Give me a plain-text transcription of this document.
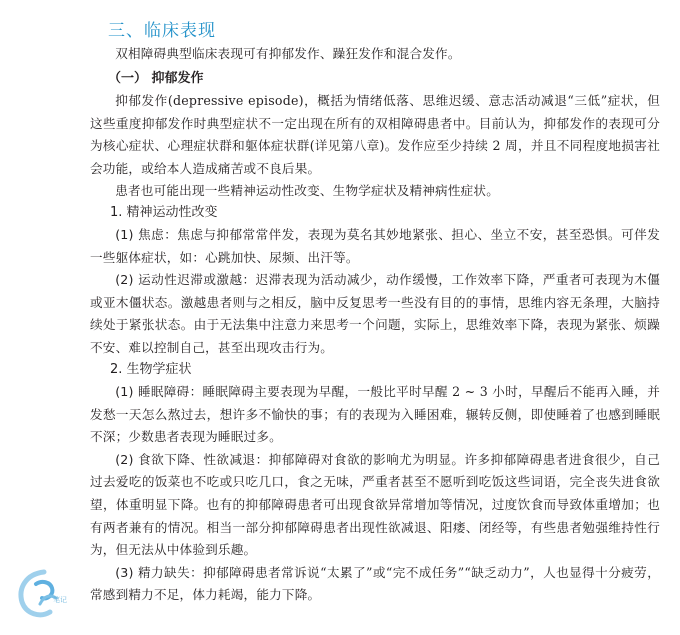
三、临床表现

双相障碍典型临床表现可有抑郁发作、躁狂发作和混合发作。

（一） 抑郁发作

抑郁发作(depressive episode)，概括为情绪低落、思维迟缓、意志活动减退“三低”症状，但这些重度抑郁发作时典型症状不一定出现在所有的双相障碍患者中。目前认为，抑郁发作的表现可分为核心症状、心理症状群和躯体症状群(详见第八章)。发作应至少持续 2 周，并且不同程度地损害社会功能，或给本人造成痛苦或不良后果。

患者也可能出现一些精神运动性改变、生物学症状及精神病性症状。

1. 精神运动性改变

(1) 焦虑：焦虑与抑郁常常伴发，表现为莫名其妙地紧张、担心、坐立不安，甚至恐惧。可伴发一些躯体症状，如：心跳加快、尿频、出汗等。

(2) 运动性迟滞或激越：迟滞表现为活动减少，动作缓慢，工作效率下降，严重者可表现为木僵或亚木僵状态。激越患者则与之相反，脑中反复思考一些没有目的的事情，思维内容无条理，大脑持续处于紧张状态。由于无法集中注意力来思考一个问题，实际上，思维效率下降，表现为紧张、烦躁不安、难以控制自己，甚至出现攻击行为。

2. 生物学症状

(1) 睡眠障碍：睡眠障碍主要表现为早醒，一般比平时早醒 2 ~ 3 小时，早醒后不能再入睡，并发愁一天怎么熬过去，想许多不愉快的事；有的表现为入睡困难，辗转反侧，即使睡着了也感到睡眠不深；少数患者表现为睡眠过多。

(2) 食欲下降、性欲减退：抑郁障碍对食欲的影响尤为明显。许多抑郁障碍患者进食很少，自己过去爱吃的饭菜也不吃或只吃几口，食之无味，严重者甚至不愿听到吃饭这些词语，完全丧失进食欲望，体重明显下降。也有的抑郁障碍患者可出现食欲异常增加等情况，过度饮食而导致体重增加；也有两者兼有的情况。相当一部分抑郁障碍患者出现性欲减退、阳痿、闭经等，有些患者勉强维持性行为，但无法从中体验到乐趣。

(3) 精力缺失：抑郁障碍患者常诉说“太累了”或“完不成任务”“缺乏动力”，人也显得十分疲劳，常感到精力不足，体力耗竭，能力下降。

笔记
